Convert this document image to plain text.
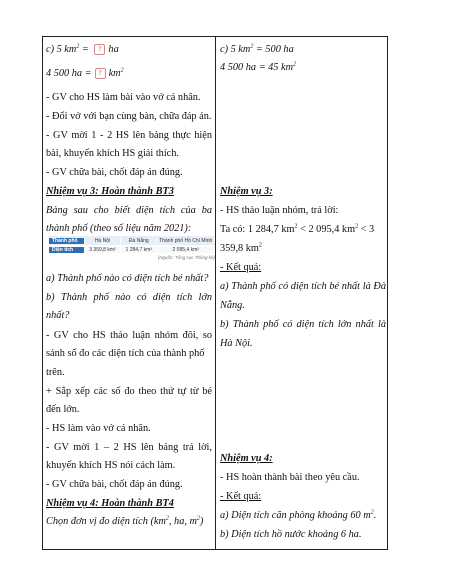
c) 5 $km^2$ = ? ha
4 500 ha = ? $km^2$
- GV cho HS làm bài vào vở cá nhân.
- Đổi vở với bạn cùng bàn, chữa đáp án.
- GV mời 1 - 2 HS lên bảng thực hiện
bài, khuyến khích HS giải thích.
- GV chữa bài, chốt đáp án đúng.
Nhiệm vụ 3: Hoàn thành BT3
Bảng sau cho biết diện tích của ba
thành phố (theo số liệu năm 2021):
Thành phố	Hà Nội	Đà Nẵng	Thành phố Hồ Chí Minh
Diện tích	3 359,8 km²	1 284,7 km²	2 095,4 km²
(Nguồn: Tổng cục Thống kê)
a) Thành phố nào có diện tích bé nhất?
b) Thành phố nào có diện tích lớn
nhất?
- GV cho HS thảo luận nhóm đôi, so
sánh số đo các diện tích của thành phố
trên.
+ Sắp xếp các số đo theo thứ tự từ bé
đến lớn.
- HS làm vào vở cá nhân.
- GV mời 1 – 2 HS lên bảng trả lời,
khuyến khích HS nói cách làm.
- GV chữa bài, chốt đáp án đúng.
Nhiệm vụ 4: Hoàn thành BT4
Chọn đơn vị đo diện tích ($km^2$, ha, $m^2$)
c) 5 $km^2 = 500$ ha
4 500 ha = 45 $km^2$
Nhiệm vụ 3:
- HS thảo luận nhóm, trả lời:
Ta có: 1 284,7 $km^2 < 2$ 095,4 $km^2 < 3$
359,8 $km^2$
- Kết quả:
a) Thành phố có diện tích bé nhất là Đà
Nẵng.
b) Thành phố có diện tích lớn nhất là
Hà Nội.
Nhiệm vụ 4:
- HS hoàn thành bài theo yêu cầu.
- Kết quả:
a) Diện tích căn phòng khoảng 60 $m^2$.
b) Diện tích hồ nước khoảng 6 ha.
